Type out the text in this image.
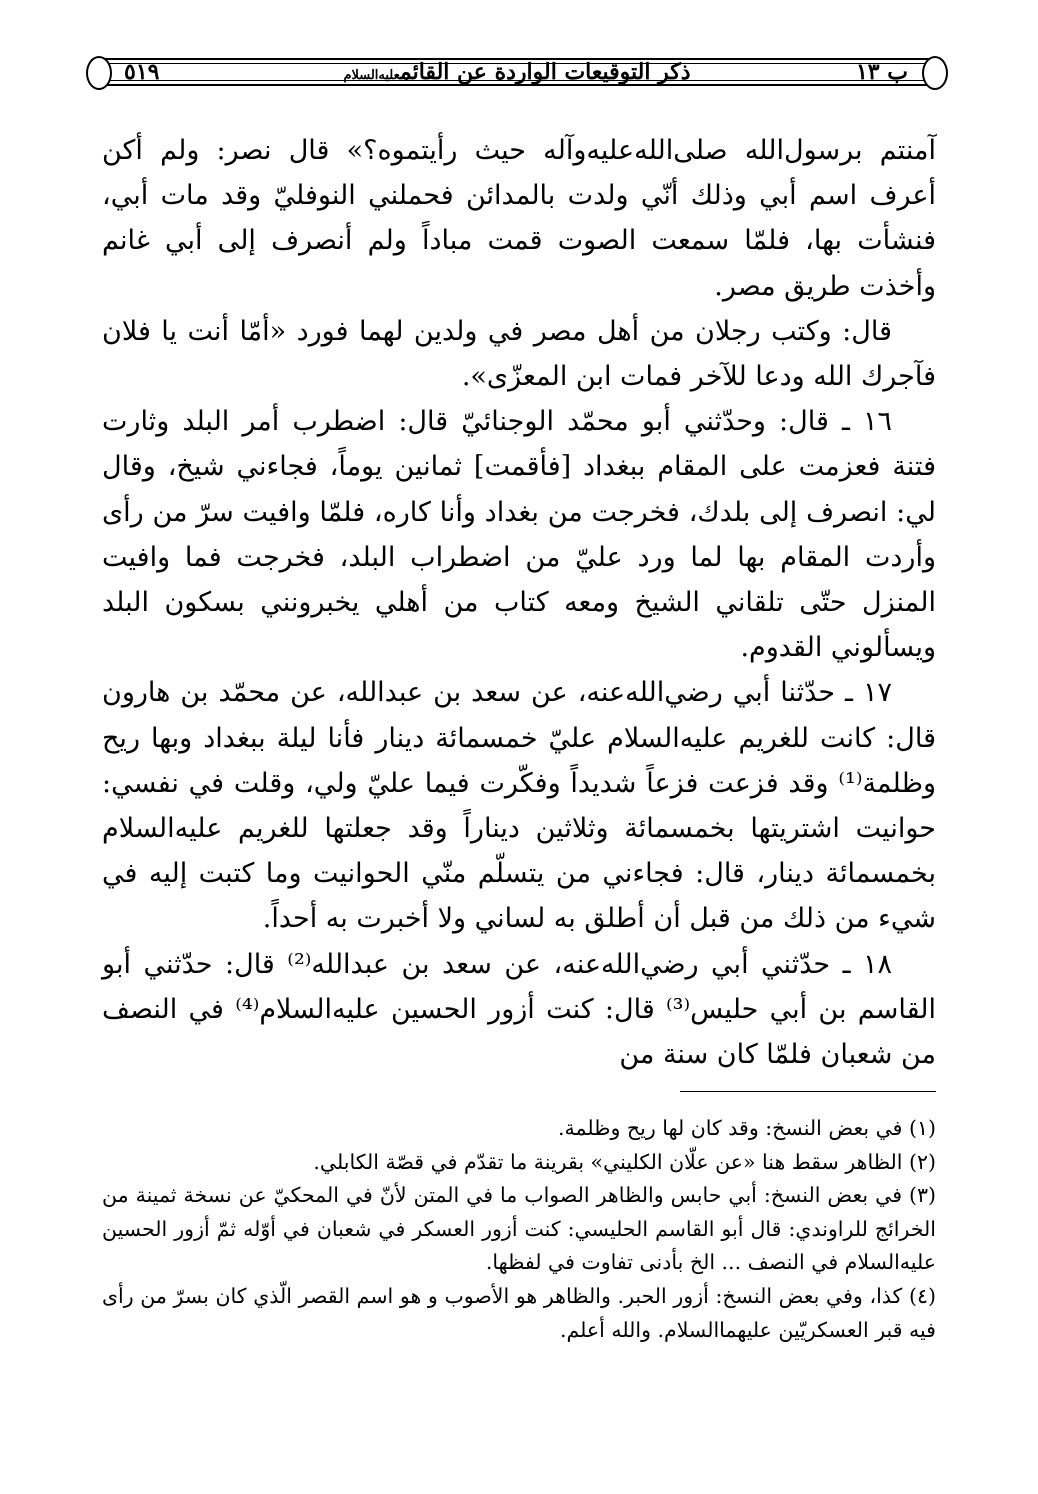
٥١٩	ذكر التوقيعات الواردة عن القائمعليه‌السلام	ب ١٣

آمنتم برسول‌الله صلى‌الله‌عليه‌وآله حيث رأيتموه؟» قال نصر: ولم أكن أعرف اسم أبي وذلك أنّي ولدت بالمدائن فحملني النوفليّ وقد مات أبي، فنشأت بها، فلمّا سمعت الصوت قمت مباداً ولم أنصرف إلى أبي غانم وأخذت طريق مصر.

قال: وكتب رجلان من أهل مصر في ولدين لهما فورد «أمّا أنت يا فلان فآجرك الله ودعا للآخر فمات ابن المعزّى».

١٦ ـ قال: وحدّثني أبو محمّد الوجنائيّ قال: اضطرب أمر البلد وثارت فتنة فعزمت على المقام ببغداد [فأقمت] ثمانين يوماً، فجاءني شيخ، وقال لي: انصرف إلى بلدك، فخرجت من بغداد وأنا كاره، فلمّا وافيت سرّ من رأى وأردت المقام بها لما ورد عليّ من اضطراب البلد، فخرجت فما وافيت المنزل حتّى تلقاني الشيخ ومعه كتاب من أهلي يخبرونني بسكون البلد ويسألوني القدوم.

١٧ ـ حدّثنا أبي رضي‌الله‌عنه، عن سعد بن عبدالله، عن محمّد بن هارون قال: كانت للغريم عليه‌السلام عليّ خمسمائة دينار فأنا ليلة ببغداد وبها ريح وظلمة⁽¹⁾ وقد فزعت فزعاً شديداً وفكّرت فيما عليّ ولي، وقلت في نفسي: حوانيت اشتريتها بخمسمائة وثلاثين ديناراً وقد جعلتها للغريم عليه‌السلام بخمسمائة دينار، قال: فجاءني من يتسلّم منّي الحوانيت وما كتبت إليه في شيء من ذلك من قبل أن أطلق به لساني ولا أخبرت به أحداً.

١٨ ـ حدّثني أبي رضي‌الله‌عنه، عن سعد بن عبدالله⁽²⁾ قال: حدّثني أبو القاسم بن أبي حليس⁽³⁾ قال: كنت أزور الحسين عليه‌السلام⁽⁴⁾ في النصف من شعبان فلمّا كان سنة من

(١) في بعض النسخ: وقد كان لها ريح وظلمة.

(٢) الظاهر سقط هنا «عن علّان الكليني» بقرينة ما تقدّم في قصّة الكابلي.

(٣) في بعض النسخ: أبي حابس والظاهر الصواب ما في المتن لأنّ في المحكيّ عن نسخة ثمينة من الخرائج للراوندي: قال أبو القاسم الحليسي: كنت أزور العسكر في شعبان في أوّله ثمّ أزور الحسين عليه‌السلام في النصف ... الخ بأدنى تفاوت في لفظها.

(٤) كذا، وفي بعض النسخ: أزور الحبر. والظاهر هو الأصوب و هو اسم القصر الّذي كان بسرّ من رأى فيه قبر العسكريّين عليهما‌السلام. والله أعلم.
